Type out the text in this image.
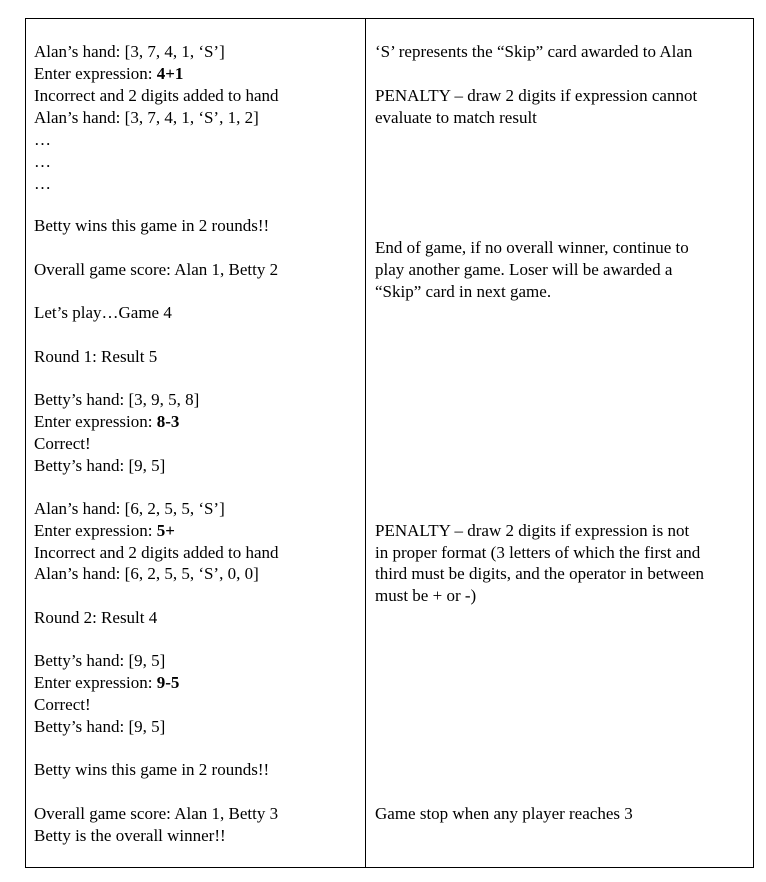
Alan’s hand: [3, 7, 4, 1, ‘S’]
Enter expression: 4+1
Incorrect and 2 digits added to hand
Alan’s hand: [3, 7, 4, 1, ‘S’, 1, 2]
…
…
…
Betty wins this game in 2 rounds!!
Overall game score: Alan 1, Betty 2
Let’s play…Game 4
Round 1: Result 5
Betty’s hand: [3, 9, 5, 8]
Enter expression: 8-3
Correct!
Betty’s hand: [9, 5]
Alan’s hand: [6, 2, 5, 5, ‘S’]
Enter expression: 5+
Incorrect and 2 digits added to hand
Alan’s hand: [6, 2, 5, 5, ‘S’, 0, 0]
Round 2: Result 4
Betty’s hand: [9, 5]
Enter expression: 9-5
Correct!
Betty’s hand: [9, 5]
Betty wins this game in 2 rounds!!
Overall game score: Alan 1, Betty 3
Betty is the overall winner!!
‘S’ represents the “Skip” card awarded to Alan
PENALTY – draw 2 digits if expression cannot
evaluate to match result
End of game, if no overall winner, continue to
play another game. Loser will be awarded a
“Skip” card in next game.
PENALTY – draw 2 digits if expression is not
in proper format (3 letters of which the first and
third must be digits, and the operator in between
must be + or -)
Game stop when any player reaches 3
